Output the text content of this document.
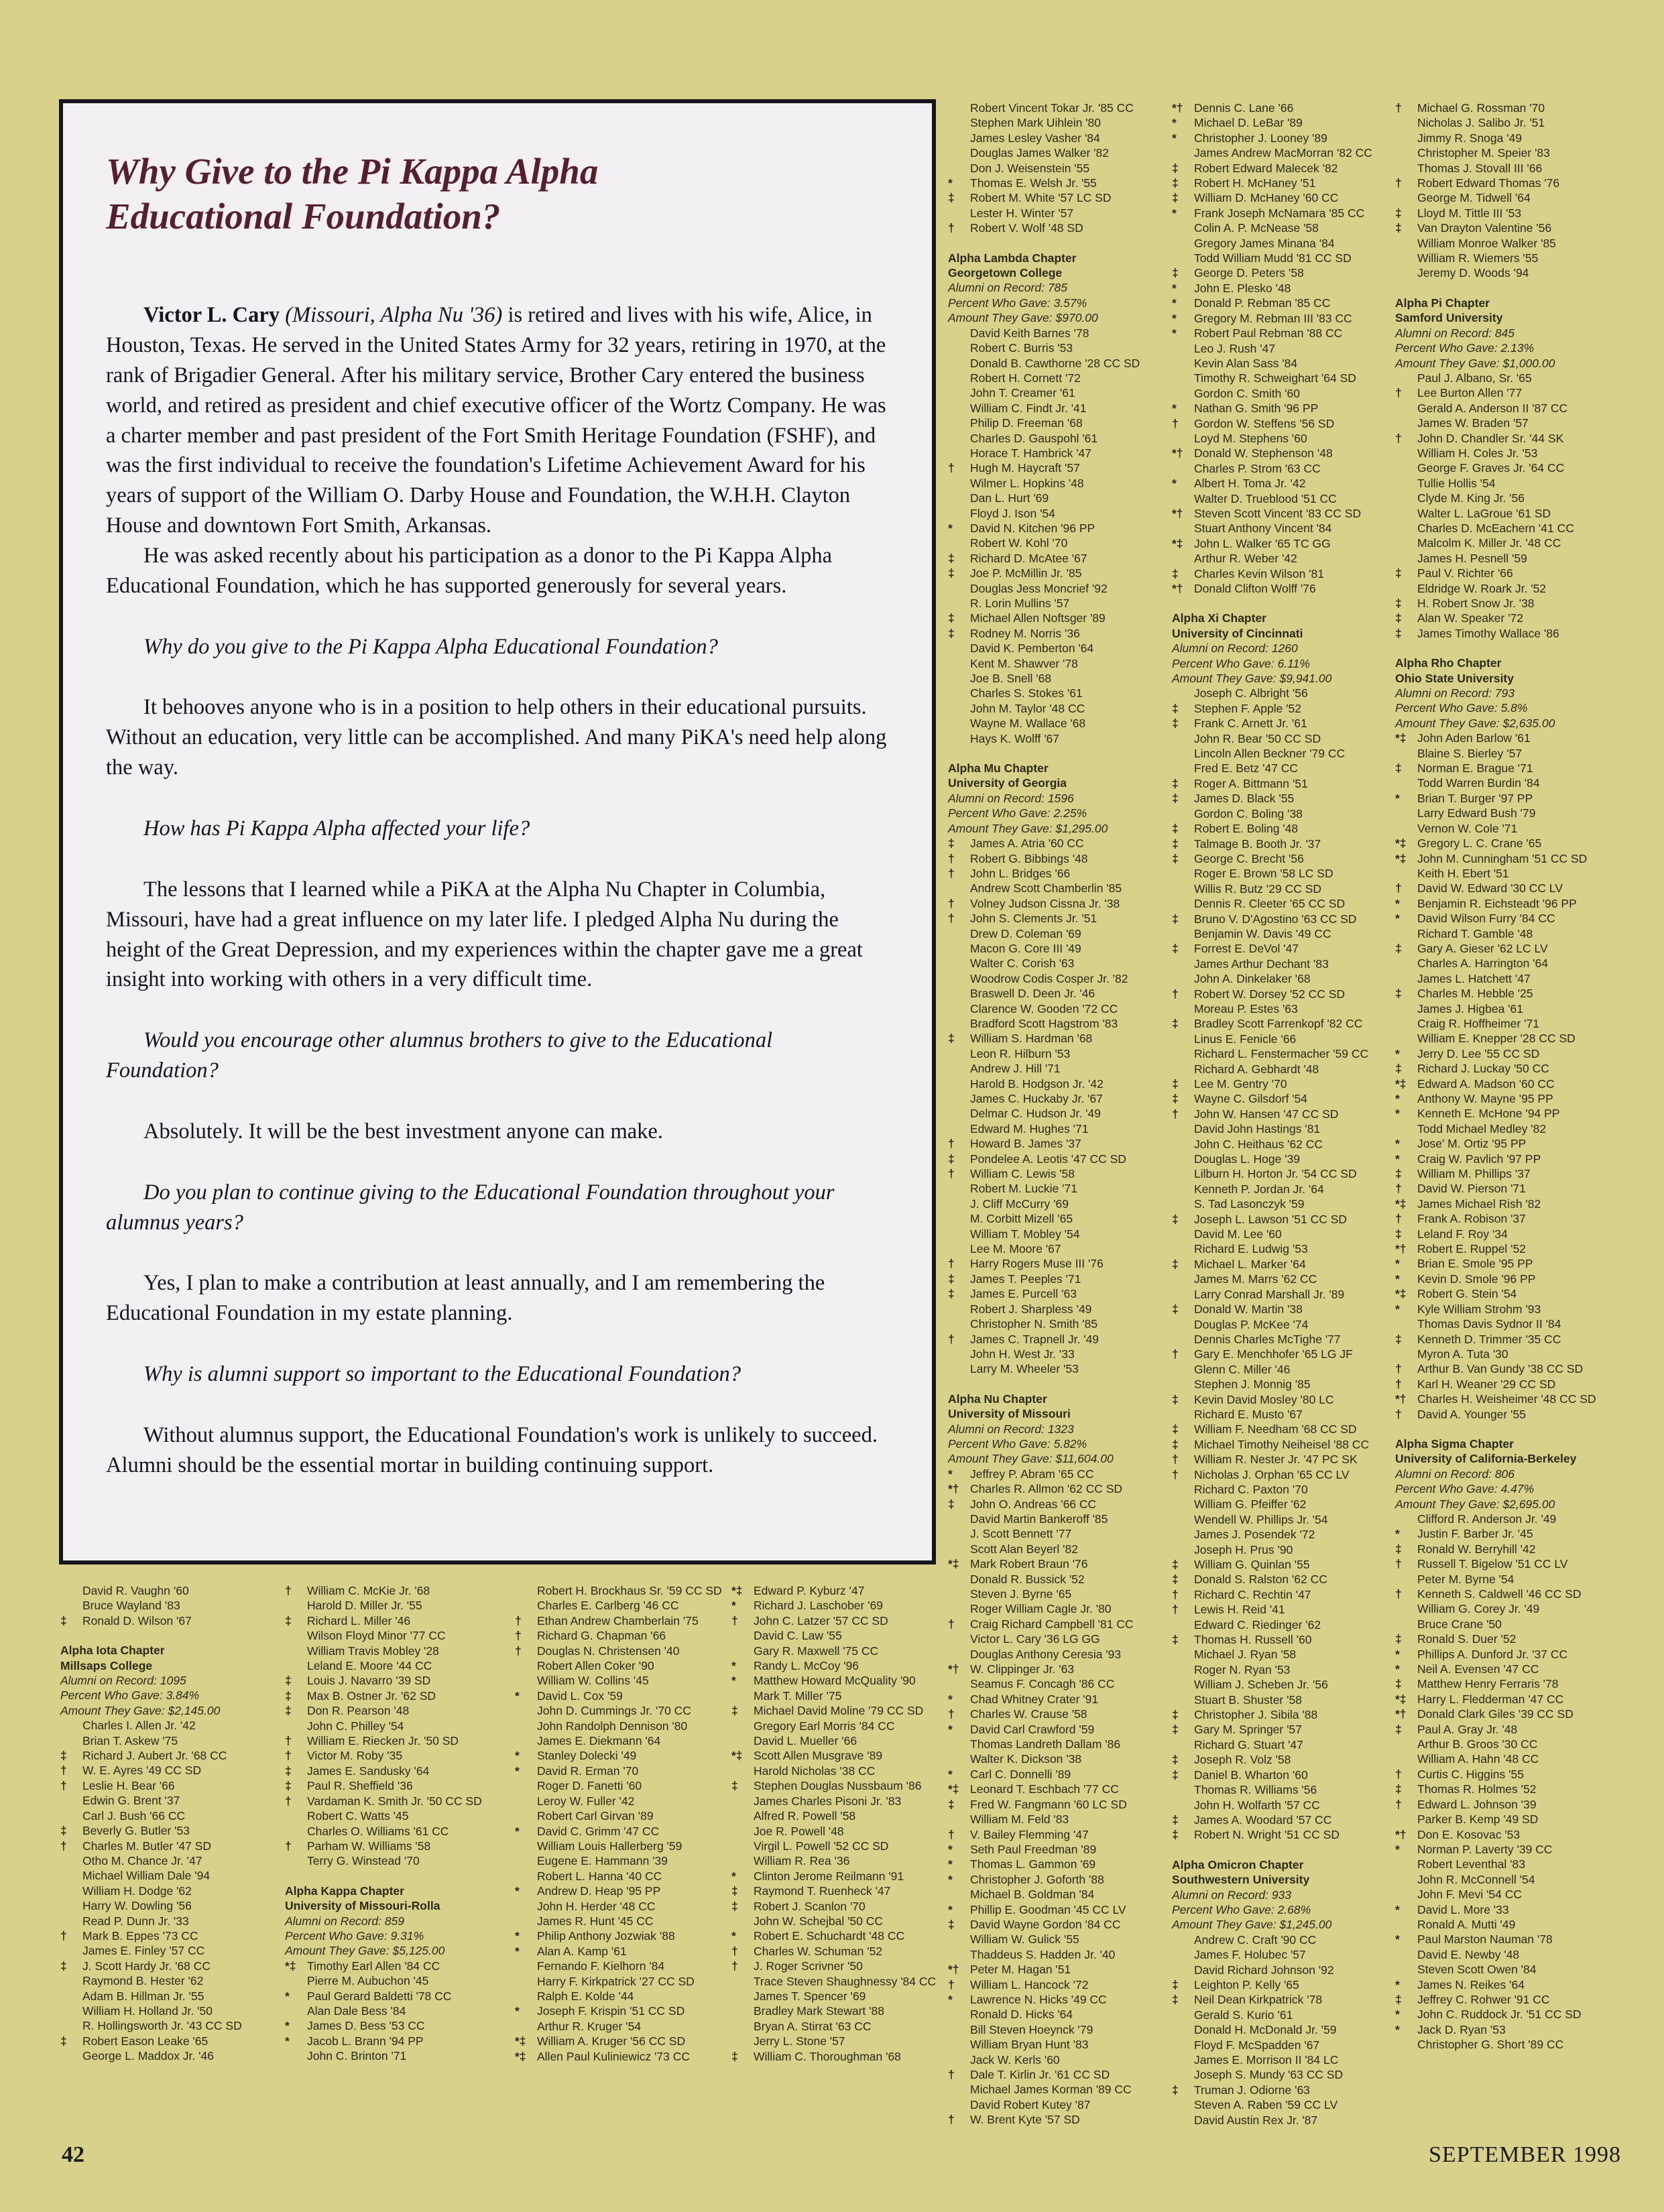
Why Give to the Pi Kappa Alpha
Educational Foundation?

Victor L. Cary (Missouri, Alpha Nu '36) is retired and lives with his wife, Alice, in Houston, Texas. He served in the United States Army for 32 years, retiring in 1970, at the rank of Brigadier General. After his military service, Brother Cary entered the business world, and retired as president and chief executive officer of the Wortz Company. He was a charter member and past president of the Fort Smith Heritage Foundation (FSHF), and was the first individual to receive the foundation's Lifetime Achievement Award for his years of support of the William O. Darby House and Foundation, the W.H.H. Clayton House and downtown Fort Smith, Arkansas.

He was asked recently about his participation as a donor to the Pi Kappa Alpha Educational Foundation, which he has supported generously for several years.

Why do you give to the Pi Kappa Alpha Educational Foundation?

It behooves anyone who is in a position to help others in their educational pursuits. Without an education, very little can be accomplished. And many PiKA's need help along the way.

How has Pi Kappa Alpha affected your life?

The lessons that I learned while a PiKA at the Alpha Nu Chapter in Columbia, Missouri, have had a great influence on my later life. I pledged Alpha Nu during the height of the Great Depression, and my experiences within the chapter gave me a great insight into working with others in a very difficult time.

Would you encourage other alumnus brothers to give to the Educational Foundation?

Absolutely. It will be the best investment anyone can make.

Do you plan to continue giving to the Educational Foundation throughout your alumnus years?

Yes, I plan to make a contribution at least annually, and I am remembering the Educational Foundation in my estate planning.

Why is alumni support so important to the Educational Foundation?

Without alumnus support, the Educational Foundation's work is unlikely to succeed. Alumni should be the essential mortar in building continuing support.

Robert Vincent Tokar Jr. '85 CC
Stephen Mark Uihlein '80
James Lesley Vasher '84
Douglas James Walker '82
Don J. Weisenstein '55
*	Thomas E. Welsh Jr. '55
‡	Robert M. White '57 LC SD
Lester H. Winter '57
†	Robert V. Wolf '48 SD
Alpha Lambda Chapter
Georgetown College
Alumni on Record: 785
Percent Who Gave: 3.57%
Amount They Gave: $970.00
David Keith Barnes '78
Robert C. Burris '53
Donald B. Cawthorne '28 CC SD
Robert H. Cornett '72
John T. Creamer '61
William C. Findt Jr. '41
Philip D. Freeman '68
Charles D. Gauspohl '61
Horace T. Hambrick '47
†	Hugh M. Haycraft '57
Wilmer L. Hopkins '48
Dan L. Hurt '69
Floyd J. Ison '54
*	David N. Kitchen '96 PP
Robert W. Kohl '70
‡	Richard D. McAtee '67
‡	Joe P. McMillin Jr. '85
Douglas Jess Moncrief '92
R. Lorin Mullins '57
‡	Michael Allen Noftsger '89
‡	Rodney M. Norris '36
David K. Pemberton '64
Kent M. Shawver '78
Joe B. Snell '68
Charles S. Stokes '61
John M. Taylor '48 CC
Wayne M. Wallace '68
Hays K. Wolff '67
Alpha Mu Chapter
University of Georgia
Alumni on Record: 1596
Percent Who Gave: 2.25%
Amount They Gave: $1,295.00
‡	James A. Atria '60 CC
†	Robert G. Bibbings '48
†	John L. Bridges '66
Andrew Scott Chamberlin '85
†	Volney Judson Cissna Jr. '38
†	John S. Clements Jr. '51
Drew D. Coleman '69
Macon G. Core III '49
Walter C. Corish '63
Woodrow Codis Cosper Jr. '82
Braswell D. Deen Jr. '46
Clarence W. Gooden '72 CC
Bradford Scott Hagstrom '83
‡	William S. Hardman '68
Leon R. Hilburn '53
Andrew J. Hill '71
Harold B. Hodgson Jr. '42
James C. Huckaby Jr. '67
Delmar C. Hudson Jr. '49
Edward M. Hughes '71
†	Howard B. James '37
‡	Pondelee A. Leotis '47 CC SD
†	William C. Lewis '58
Robert M. Luckie '71
J. Cliff McCurry '69
M. Corbitt Mizell '65
William T. Mobley '54
Lee M. Moore '67
†	Harry Rogers Muse III '76
‡	James T. Peeples '71
‡	James E. Purcell '63
Robert J. Sharpless '49
Christopher N. Smith '85
†	James C. Trapnell Jr. '49
John H. West Jr. '33
Larry M. Wheeler '53
Alpha Nu Chapter
University of Missouri
Alumni on Record: 1323
Percent Who Gave: 5.82%
Amount They Gave: $11,604.00
*	Jeffrey P. Abram '65 CC
*† Charles R. Allmon '62 CC SD
‡	John O. Andreas '66 CC
David Martin Bankeroff '85
J. Scott Bennett '77
Scott Alan Beyerl '82
*‡ Mark Robert Braun '76
Donald R. Bussick '52
Steven J. Byrne '65
Roger William Cagle Jr. '80
†	Craig Richard Campbell '81 CC
Victor L. Cary '36 LG GG
Douglas Anthony Ceresia '93
*† W. Clippinger Jr. '63
Seamus F. Concagh '86 CC
*	Chad Whitney Crater '91
†	Charles W. Crause '58
*	David Carl Crawford '59
Thomas Landreth Dallam '86
Walter K. Dickson '38
*	Carl C. Donnelli '89
*‡ Leonard T. Eschbach '77 CC
‡	Fred W. Fangmann '60 LC SD
William M. Feld '83
†	V. Bailey Flemming '47
*	Seth Paul Freedman '89
*	Thomas L. Gammon '69
*	Christopher J. Goforth '88
Michael B. Goldman '84
*	Phillip E. Goodman '45 CC LV
‡	David Wayne Gordon '84 CC
William W. Gulick '55
Thaddeus S. Hadden Jr. '40
*† Peter M. Hagan '51
†	William L. Hancock '72
*	Lawrence N. Hicks '49 CC
Ronald D. Hicks '64
Bill Steven Hoeynck '79
William Bryan Hunt '83
Jack W. Kerls '60
†	Dale T. Kirlin Jr. '61 CC SD
Michael James Korman '89 CC
David Robert Kutey '87
†	W. Brent Kyte '57 SD
*† Dennis C. Lane '66
*	Michael D. LeBar '89
*	Christopher J. Looney '89
James Andrew MacMorran '82 CC
‡	Robert Edward Malecek '82
‡	Robert H. McHaney '51
‡	William D. McHaney '60 CC
*	Frank Joseph McNamara '85 CC
Colin A. P. McNease '58
Gregory James Minana '84
Todd William Mudd '81 CC SD
‡	George D. Peters '58
*	John E. Plesko '48
*	Donald P. Rebman '85 CC
*	Gregory M. Rebman III '83 CC
*	Robert Paul Rebman '88 CC
Leo J. Rush '47
Kevin Alan Sass '84
Timothy R. Schweighart '64 SD
Gordon C. Smith '60
*	Nathan G. Smith '96 PP
†	Gordon W. Steffens '56 SD
Loyd M. Stephens '60
*† Donald W. Stephenson '48
Charles P. Strom '63 CC
*	Albert H. Toma Jr. '42
Walter D. Trueblood '51 CC
*† Steven Scott Vincent '83 CC SD
Stuart Anthony Vincent '84
*‡ John L. Walker '65 TC GG
Arthur R. Weber '42
‡	Charles Kevin Wilson '81
*† Donald Clifton Wolff '76
Alpha Xi Chapter
University of Cincinnati
Alumni on Record: 1260
Percent Who Gave: 6.11%
Amount They Gave: $9,941.00
Joseph C. Albright '56
‡	Stephen F. Apple '52
‡	Frank C. Arnett Jr. '61
John R. Bear '50 CC SD
Lincoln Allen Beckner '79 CC
Fred E. Betz '47 CC
‡	Roger A. Bittmann '51
‡	James D. Black '55
Gordon C. Boling '38
‡	Robert E. Boling '48
‡	Talmage B. Booth Jr. '37
‡	George C. Brecht '56
Roger E. Brown '58 LC SD
Willis R. Butz '29 CC SD
Dennis R. Cleeter '65 CC SD
‡	Bruno V. D'Agostino '63 CC SD
Benjamin W. Davis '49 CC
‡	Forrest E. DeVol '47
James Arthur Dechant '83
John A. Dinkelaker '68
†	Robert W. Dorsey '52 CC SD
Moreau P. Estes '63
‡	Bradley Scott Farrenkopf '82 CC
Linus E. Fenicle '66
Richard L. Fenstermacher '59 CC
Richard A. Gebhardt '48
‡	Lee M. Gentry '70
‡	Wayne C. Gilsdorf '54
†	John W. Hansen '47 CC SD
David John Hastings '81
John C. Heithaus '62 CC
Douglas L. Hoge '39
Lilburn H. Horton Jr. '54 CC SD
Kenneth P. Jordan Jr. '64
S. Tad Lasonczyk '59
‡	Joseph L. Lawson '51 CC SD
David M. Lee '60
Richard E. Ludwig '53
‡	Michael L. Marker '64
James M. Marrs '62 CC
Larry Conrad Marshall Jr. '89
‡	Donald W. Martin '38
Douglas P. McKee '74
Dennis Charles McTighe '77
†	Gary E. Menchhofer '65 LG JF
Glenn C. Miller '46
Stephen J. Monnig '85
‡	Kevin David Mosley '80 LC
Richard E. Musto '67
‡	William F. Needham '68 CC SD
‡	Michael Timothy Neiheisel '88 CC
†	William R. Nester Jr. '47 PC SK
†	Nicholas J. Orphan '65 CC LV
Richard C. Paxton '70
William G. Pfeiffer '62
Wendell W. Phillips Jr. '54
James J. Posendek '72
Joseph H. Prus '90
‡	William G. Quinlan '55
‡	Donald S. Ralston '62 CC
†	Richard C. Rechtin '47
†	Lewis H. Reid '41
Edward C. Riedinger '62
‡	Thomas H. Russell '60
Michael J. Ryan '58
Roger N. Ryan '53
William J. Scheben Jr. '56
Stuart B. Shuster '58
‡	Christopher J. Sibila '88
‡	Gary M. Springer '57
Richard G. Stuart '47
‡	Joseph R. Volz '58
‡	Daniel B. Wharton '60
Thomas R. Williams '56
John H. Wolfarth '57 CC
‡	James A. Woodard '57 CC
‡	Robert N. Wright '51 CC SD
Alpha Omicron Chapter
Southwestern University
Alumni on Record: 933
Percent Who Gave: 2.68%
Amount They Gave: $1,245.00
Andrew C. Craft '90 CC
James F. Holubec '57
David Richard Johnson '92
‡	Leighton P. Kelly '65
‡	Neil Dean Kirkpatrick '78
Gerald S. Kurio '61
Donald H. McDonald Jr. '59
Floyd F. McSpadden '67
James E. Morrison II '84 LC
Joseph S. Mundy '63 CC SD
‡	Truman J. Odiorne '63
Steven A. Raben '59 CC LV
David Austin Rex Jr. '87
†	Michael G. Rossman '70
Nicholas J. Salibo Jr. '51
Jimmy R. Snoga '49
Christopher M. Speier '83
Thomas J. Stovall III '66
†	Robert Edward Thomas '76
George M. Tidwell '64
‡	Lloyd M. Tittle III '53
‡	Van Drayton Valentine '56
William Monroe Walker '85
William R. Wiemers '55
Jeremy D. Woods '94
Alpha Pi Chapter
Samford University
Alumni on Record: 845
Percent Who Gave: 2.13%
Amount They Gave: $1,000.00
Paul J. Albano, Sr. '65
†	Lee Burton Allen '77
Gerald A. Anderson II '87 CC
James W. Braden '57
†	John D. Chandler Sr. '44 SK
William H. Coles Jr. '53
George F. Graves Jr. '64 CC
Tullie Hollis '54
Clyde M. King Jr. '56
Walter L. LaGroue '61 SD
Charles D. McEachern '41 CC
Malcolm K. Miller Jr. '48 CC
James H. Pesnell '59
‡	Paul V. Richter '66
Eldridge W. Roark Jr. '52
‡	H. Robert Snow Jr. '38
‡	Alan W. Speaker '72
‡	James Timothy Wallace '86
Alpha Rho Chapter
Ohio State University
Alumni on Record: 793
Percent Who Gave: 5.8%
Amount They Gave: $2,635.00
*‡ John Aden Barlow '61
Blaine S. Bierley '57
‡	Norman E. Brague '71
Todd Warren Burdin '84
*	Brian T. Burger '97 PP
Larry Edward Bush '79
Vernon W. Cole '71
*‡ Gregory L. C. Crane '65
*‡ John M. Cunningham '51 CC SD
Keith H. Ebert '51
†	David W. Edward '30 CC LV
*	Benjamin R. Eichsteadt '96 PP
*	David Wilson Furry '84 CC
Richard T. Gamble '48
‡	Gary A. Gieser '62 LC LV
Charles A. Harrington '64
James L. Hatchett '47
‡	Charles M. Hebble '25
James J. Higbea '61
Craig R. Hoffheimer '71
William E. Knepper '28 CC SD
*	Jerry D. Lee '55 CC SD
‡	Richard J. Luckay '50 CC
*‡ Edward A. Madson '60 CC
*	Anthony W. Mayne '95 PP
*	Kenneth E. McHone '94 PP
Todd Michael Medley '82
*	Jose' M. Ortiz '95 PP
*	Craig W. Pavlich '97 PP
‡	William M. Phillips '37
†	David W. Pierson '71
*‡ James Michael Rish '82
†	Frank A. Robison '37
‡	Leland F. Roy '34
*† Robert E. Ruppel '52
*	Brian E. Smole '95 PP
*	Kevin D. Smole '96 PP
*‡ Robert G. Stein '54
*	Kyle William Strohm '93
Thomas Davis Sydnor II '84
‡	Kenneth D. Trimmer '35 CC
Myron A. Tuta '30
†	Arthur B. Van Gundy '38 CC SD
†	Karl H. Weaner '29 CC SD
*† Charles H. Weisheimer '48 CC SD
†	David A. Younger '55
Alpha Sigma Chapter
University of California-Berkeley
Alumni on Record: 806
Percent Who Gave: 4.47%
Amount They Gave: $2,695.00
Clifford R. Anderson Jr. '49
*	Justin F. Barber Jr. '45
‡	Ronald W. Berryhill '42
†	Russell T. Bigelow '51 CC LV
Peter M. Byrne '54
†	Kenneth S. Caldwell '46 CC SD
William G. Corey Jr. '49
Bruce Crane '50
‡	Ronald S. Duer '52
*	Phillips A. Dunford Jr. '37 CC
*	Neil A. Evensen '47 CC
‡	Matthew Henry Ferraris '78
*‡ Harry L. Fledderman '47 CC
*† Donald Clark Giles '39 CC SD
‡	Paul A. Gray Jr. '48
Arthur B. Groos '30 CC
William A. Hahn '48 CC
†	Curtis C. Higgins '55
‡	Thomas R. Holmes '52
†	Edward L. Johnson '39
Parker B. Kemp '49 SD
*† Don E. Kosovac '53
*	Norman P. Laverty '39 CC
Robert Leventhal '83
John R. McConnell '54
John F. Mevi '54 CC
*	David L. More '33
Ronald A. Mutti '49
*	Paul Marston Nauman '78
David E. Newby '48
Steven Scott Owen '84
*	James N. Reikes '64
‡	Jeffrey C. Rohwer '91 CC
*	John C. Ruddock Jr. '51 CC SD
*	Jack D. Ryan '53
Christopher G. Short '89 CC
David R. Vaughn '60
Bruce Wayland '83
‡	Ronald D. Wilson '67
Alpha Iota Chapter
Millsaps College
Alumni on Record: 1095
Percent Who Gave: 3.84%
Amount They Gave: $2,145.00
Charles I. Allen Jr. '42
Brian T. Askew '75
‡	Richard J. Aubert Jr. '68 CC
†	W. E. Ayres '49 CC SD
†	Leslie H. Bear '66
Edwin G. Brent '37
Carl J. Bush '66 CC
‡	Beverly G. Butler '53
†	Charles M. Butler '47 SD
Otho M. Chance Jr. '47
Michael William Dale '94
William H. Dodge '62
Harry W. Dowling '56
Read P. Dunn Jr. '33
†	Mark B. Eppes '73 CC
James E. Finley '57 CC
‡	J. Scott Hardy Jr. '68 CC
Raymond B. Hester '62
Adam B. Hillman Jr. '55
William H. Holland Jr. '50
R. Hollingsworth Jr. '43 CC SD
‡	Robert Eason Leake '65
George L. Maddox Jr. '46
†	William C. McKie Jr. '68
Harold D. Miller Jr. '55
‡	Richard L. Miller '46
Wilson Floyd Minor '77 CC
William Travis Mobley '28
Leland E. Moore '44 CC
‡	Louis J. Navarro '39 SD
‡	Max B. Ostner Jr. '62 SD
‡	Don R. Pearson '48
John C. Philley '54
†	William E. Riecken Jr. '50 SD
†	Victor M. Roby '35
‡	James E. Sandusky '64
‡	Paul R. Sheffield '36
†	Vardaman K. Smith Jr. '50 CC SD
Robert C. Watts '45
Charles O. Williams '61 CC
†	Parham W. Williams '58
Terry G. Winstead '70
Alpha Kappa Chapter
University of Missouri-Rolla
Alumni on Record: 859
Percent Who Gave: 9.31%
Amount They Gave: $5,125.00
*‡ Timothy Earl Allen '84 CC
Pierre M. Aubuchon '45
*	Paul Gerard Baldetti '78 CC
Alan Dale Bess '84
*	James D. Bess '53 CC
*	Jacob L. Brann '94 PP
John C. Brinton '71
Robert H. Brockhaus Sr. '59 CC SD
Charles E. Carlberg '46 CC
†	Ethan Andrew Chamberlain '75
†	Richard G. Chapman '66
†	Douglas N. Christensen '40
Robert Allen Coker '90
William W. Collins '45
*	David L. Cox '59
John D. Cummings Jr. '70 CC
John Randolph Dennison '80
James E. Diekmann '64
*	Stanley Dolecki '49
*	David R. Erman '70
Roger D. Fanetti '60
Leroy W. Fuller '42
Robert Carl Girvan '89
*	David C. Grimm '47 CC
William Louis Hallerberg '59
Eugene E. Hammann '39
Robert L. Hanna '40 CC
*	Andrew D. Heap '95 PP
John H. Herder '48 CC
James R. Hunt '45 CC
*	Philip Anthony Jozwiak '88
*	Alan A. Kamp '61
Fernando F. Kielhorn '84
Harry F. Kirkpatrick '27 CC SD
Ralph E. Kolde '44
*	Joseph F. Krispin '51 CC SD
Arthur R. Kruger '54
*‡ William A. Kruger '56 CC SD
*‡ Allen Paul Kuliniewicz '73 CC
*‡ Edward P. Kyburz '47
*	Richard J. Laschober '69
†	John C. Latzer '57 CC SD
David C. Law '55
Gary R. Maxwell '75 CC
*	Randy L. McCoy '96
*	Matthew Howard McQuality '90
Mark T. Miller '75
‡	Michael David Moline '79 CC SD
Gregory Earl Morris '84 CC
David L. Mueller '66
*‡ Scott Allen Musgrave '89
Harold Nicholas '38 CC
‡	Stephen Douglas Nussbaum '86
James Charles Pisoni Jr. '83
Alfred R. Powell '58
Joe R. Powell '48
Virgil L. Powell '52 CC SD
William R. Rea '36
*	Clinton Jerome Reilmann '91
‡	Raymond T. Ruenheck '47
‡	Robert J. Scanlon '70
John W. Schejbal '50 CC
*	Robert E. Schuchardt '48 CC
†	Charles W. Schuman '52
†	J. Roger Scrivner '50
Trace Steven Shaughnessy '84 CC
James T. Spencer '69
Bradley Mark Stewart '88
Bryan A. Stirrat '63 CC
Jerry L. Stone '57
‡	William C. Thoroughman '68
42	SEPTEMBER 1998
